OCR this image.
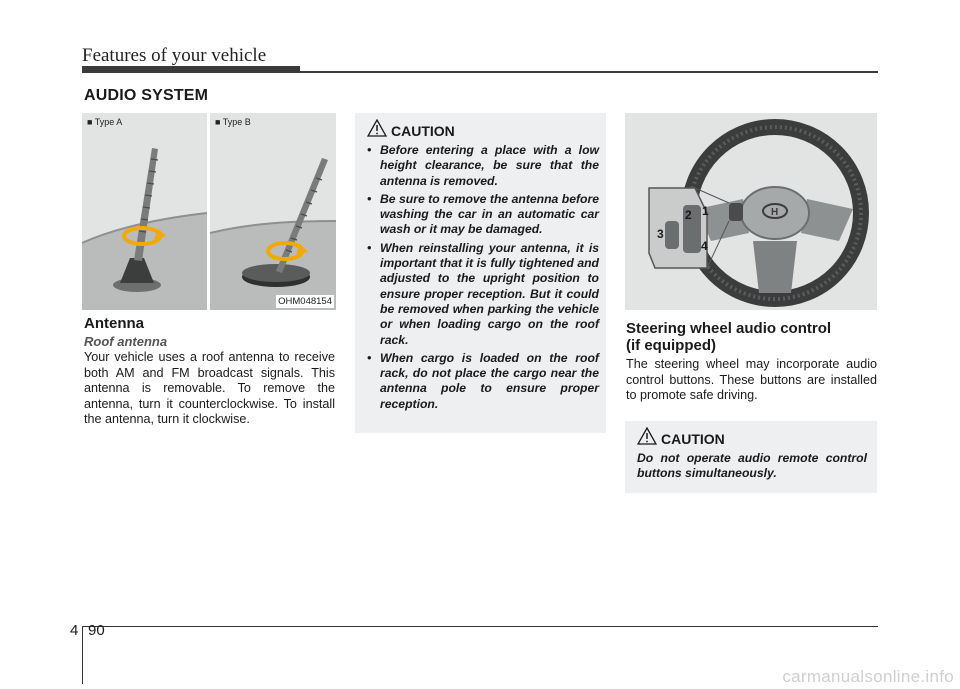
Features of your vehicle
AUDIO SYSTEM
■ Type A	■ Type B
OHM048154
Antenna
Roof antenna
Your vehicle uses a roof antenna to receive both AM and FM broadcast signals. This antenna is removable. To remove the antenna, turn it counterclockwise. To install the antenna, turn it clockwise.
CAUTION
• Before entering a place with a low height clearance, be sure that the antenna is removed.
• Be sure to remove the antenna before washing the car in an automatic car wash or it may be damaged.
• When reinstalling your antenna, it is important that it is fully tightened and adjusted to the upright position to ensure proper reception. But it could be removed when parking the vehicle or when loading cargo on the roof rack.
• When cargo is loaded on the roof rack, do not place the cargo near the antenna pole to ensure proper reception.
H
1
2
3
4
Steering wheel audio control
(if equipped)
The steering wheel may incorporate audio control buttons. These buttons are installed to promote safe driving.
CAUTION
Do not operate audio remote control buttons simultaneously.
4 90
carmanualsonline.info
